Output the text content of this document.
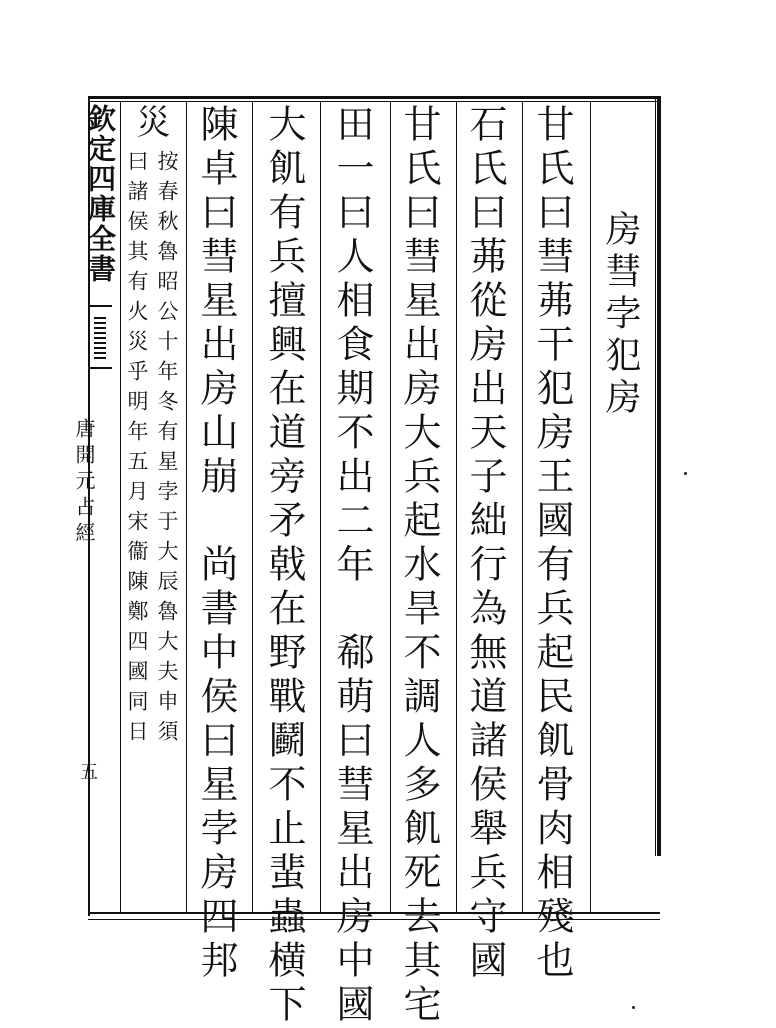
欽定四庫全書
唐開元占經
五
房彗孛犯房
甘氏曰彗茀干犯房王國有兵起民飢骨肉相殘也
石氏曰茀從房出天子絀行為無道諸侯舉兵守國
甘氏曰彗星出房大兵起水旱不調人多飢死去其宅
田一曰人相食期不出二年　郗萌曰彗星出房中國
大飢有兵擅興在道旁矛戟在野戰鬬不止蜚蟲横下
陳卓曰彗星出房山崩　尚書中侯曰星孛房四邦
災
按春秋魯昭公十年冬有星孛于大辰魯大夫申須
曰諸侯其有火災乎明年五月宋衞陳鄭四國同日
